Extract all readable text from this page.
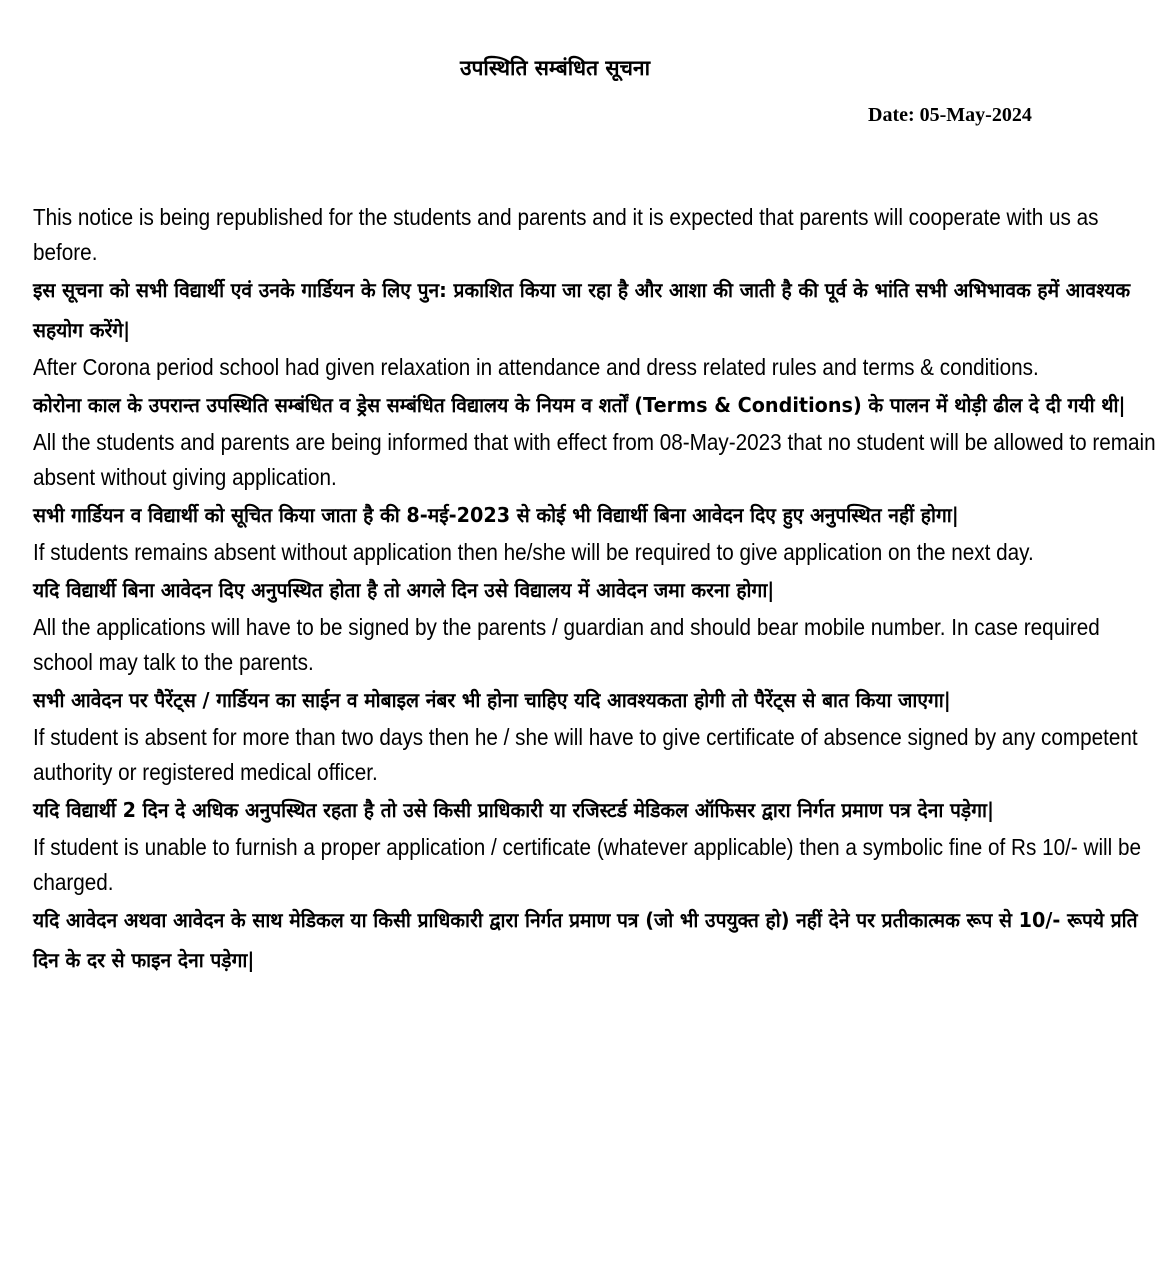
उपस्थिति सम्बंधित सूचना

Date: 05-May-2024

This notice is being republished for the students and parents and it is expected that parents will cooperate with us as before.

इस सूचना को सभी विद्यार्थी एवं उनके गार्डियन के लिए पुन: प्रकाशित किया जा रहा है और आशा की जाती है की पूर्व के भांति सभी अभिभावक हमें आवश्यक सहयोग करेंगे|

After Corona period school had given relaxation in attendance and dress related rules and terms & conditions.

कोरोना काल के उपरान्त उपस्थिति सम्बंधित व ड्रेस सम्बंधित विद्यालय के नियम व शर्तों (Terms & Conditions) के पालन में थोड़ी ढील दे दी गयी थी|

All the students and parents are being informed that with effect from 08-May-2023 that no student will be allowed to remain absent without giving application.

सभी गार्डियन व विद्यार्थी को सूचित किया जाता है की 8-मई-2023 से कोई भी विद्यार्थी बिना आवेदन दिए हुए अनुपस्थित नहीं होगा|

If students remains absent without application then he/she will be required to give application on the next day.

यदि विद्यार्थी बिना आवेदन दिए अनुपस्थित होता है तो अगले दिन उसे विद्यालय में आवेदन जमा करना होगा|

All the applications will have to be signed by the parents / guardian and should bear mobile number. In case required school may talk to the parents.

सभी आवेदन पर पैरेंट्स / गार्डियन का साईन व मोबाइल नंबर भी होना चाहिए यदि आवश्यकता होगी तो पैरेंट्स से बात किया जाएगा|

If student is absent for more than two days then he / she will have to give certificate of absence signed by any competent authority or registered medical officer.

यदि विद्यार्थी 2 दिन दे अधिक अनुपस्थित रहता है तो उसे किसी प्राधिकारी या रजिस्टर्ड मेडिकल ऑफिसर द्वारा निर्गत प्रमाण पत्र देना पड़ेगा|

If student is unable to furnish a proper application / certificate (whatever applicable) then a symbolic fine of Rs 10/- will be charged.

यदि आवेदन अथवा आवेदन के साथ मेडिकल या किसी प्राधिकारी द्वारा निर्गत प्रमाण पत्र (जो भी उपयुक्त हो) नहीं देने पर प्रतीकात्मक रूप से 10/- रूपये प्रति दिन के दर से फाइन देना पड़ेगा|
